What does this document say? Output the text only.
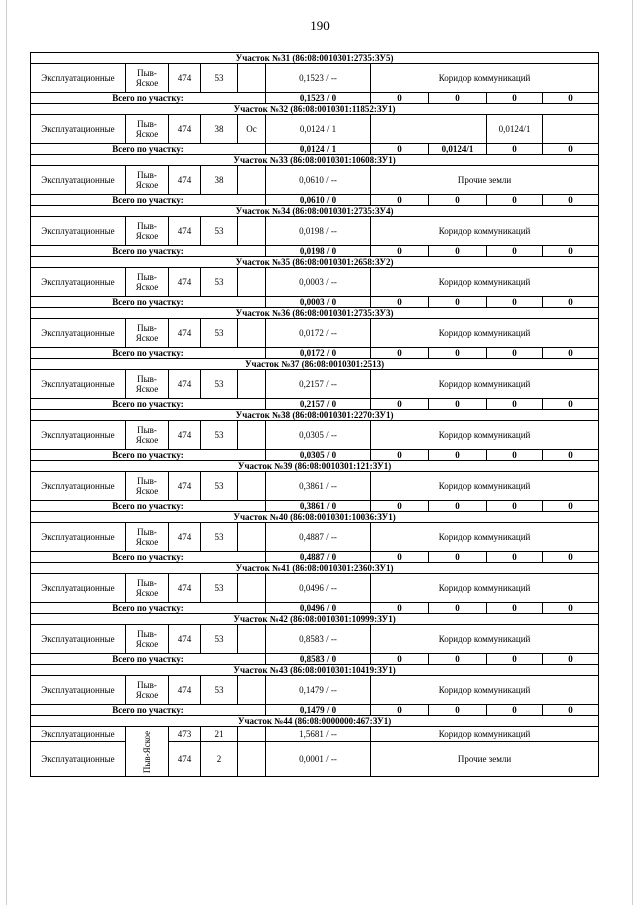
190
Участок №31 (86:08:0010301:2735:ЗУ5)									
Эксплуатационные	Пыв-Яское	474	53		0,1523 / --	Коридор коммуникаций			
Всего по участку:					0,1523 / 0	0	0	0	0
Участок №32 (86:08:0010301:11852:ЗУ1)									
Эксплуатационные	Пыв-Яское	474	38	Ос	0,0124 / 1			0,0124/1	
Всего по участку:					0,0124 / 1	0	0,0124/1	0	0
Участок №33 (86:08:0010301:10608:ЗУ1)									
Эксплуатационные	Пыв-Яское	474	38		0,0610 / --	Прочие земли			
Всего по участку:					0,0610 / 0	0	0	0	0
Участок №34 (86:08:0010301:2735:ЗУ4)									
Эксплуатационные	Пыв-Яское	474	53		0,0198 / --	Коридор коммуникаций			
Всего по участку:					0,0198 / 0	0	0	0	0
Участок №35 (86:08:0010301:2658:ЗУ2)									
Эксплуатационные	Пыв-Яское	474	53		0,0003 / --	Коридор коммуникаций			
Всего по участку:					0,0003 / 0	0	0	0	0
Участок №36 (86:08:0010301:2735:ЗУ3)									
Эксплуатационные	Пыв-Яское	474	53		0,0172 / --	Коридор коммуникаций			
Всего по участку:					0,0172 / 0	0	0	0	0
Участок №37 (86:08:0010301:2513)									
Эксплуатационные	Пыв-Яское	474	53		0,2157 / --	Коридор коммуникаций			
Всего по участку:					0,2157 / 0	0	0	0	0
Участок №38 (86:08:0010301:2270:ЗУ1)									
Эксплуатационные	Пыв-Яское	474	53		0,0305 / --	Коридор коммуникаций			
Всего по участку:					0,0305 / 0	0	0	0	0
Участок №39 (86:08:0010301:121:ЗУ1)									
Эксплуатационные	Пыв-Яское	474	53		0,3861 / --	Коридор коммуникаций			
Всего по участку:					0,3861 / 0	0	0	0	0
Участок №40 (86:08:0010301:10036:ЗУ1)									
Эксплуатационные	Пыв-Яское	474	53		0,4887 / --	Коридор коммуникаций			
Всего по участку:					0,4887 / 0	0	0	0	0
Участок №41 (86:08:0010301:2360:ЗУ1)									
Эксплуатационные	Пыв-Яское	474	53		0,0496 / --	Коридор коммуникаций			
Всего по участку:					0,0496 / 0	0	0	0	0
Участок №42 (86:08:0010301:10999:ЗУ1)									
Эксплуатационные	Пыв-Яское	474	53		0,8583 / --	Коридор коммуникаций			
Всего по участку:					0,8583 / 0	0	0	0	0
Участок №43 (86:08:0010301:10419:ЗУ1)									
Эксплуатационные	Пыв-Яское	474	53		0,1479 / --	Коридор коммуникаций			
Всего по участку:					0,1479 / 0	0	0	0	0
Участок №44 (86:08:0000000:467:ЗУ1)									
Эксплуатационные	Пыв-Яское	473	21		1,5681 / --	Коридор коммуникаций			
Эксплуатационные		474	2		0,0001 / --	Прочие земли			
